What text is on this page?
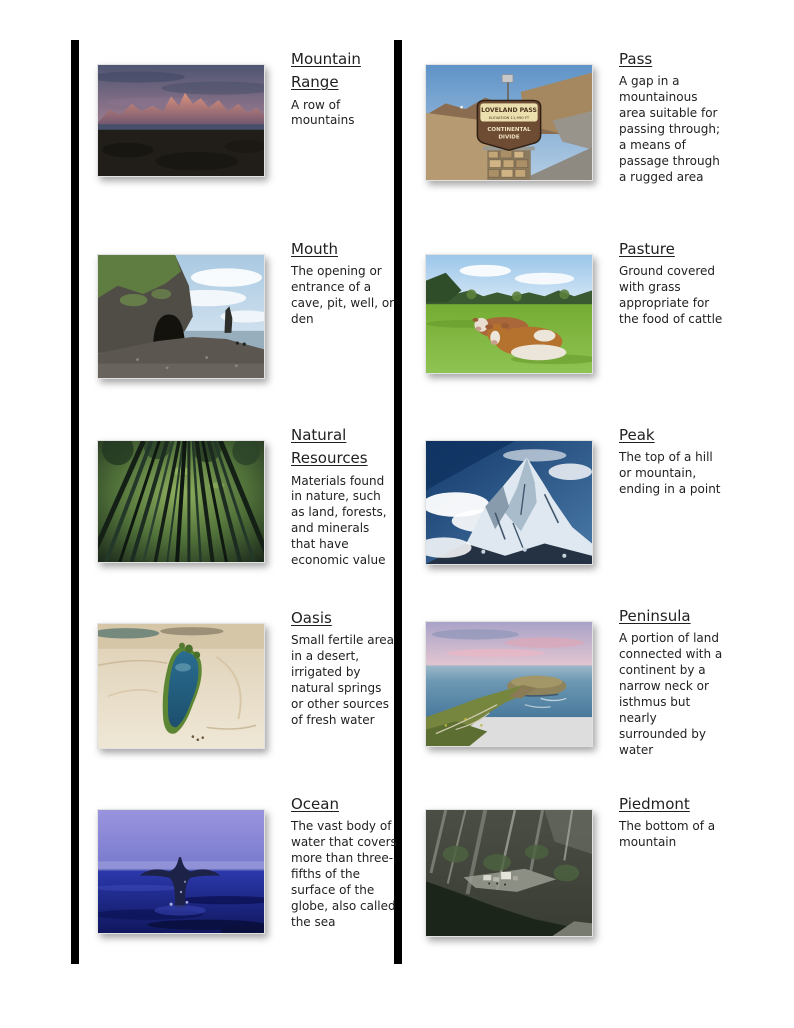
Mountain Range
A row of mountains
Mouth
The opening or entrance of a cave, pit, well, or den
Natural Resources
Materials found in nature, such as land, forests, and minerals that have economic value
Oasis
Small fertile area in a desert, irrigated by natural springs or other sources of fresh water
Ocean
The vast body of water that covers more than three-fifths of the surface of the globe, also called the sea
LOVELAND PASS
ELEVATION 11,990 FT
CONTINENTAL
DIVIDE
Pass
A gap in a mountainous area suitable for passing through; a means of passage through a rugged area
Pasture
Ground covered with grass appropriate for the food of cattle
Peak
The top of a hill or mountain, ending in a point
Peninsula
A portion of land connected with a continent by a narrow neck or isthmus but nearly surrounded by water
Piedmont
The bottom of a mountain
